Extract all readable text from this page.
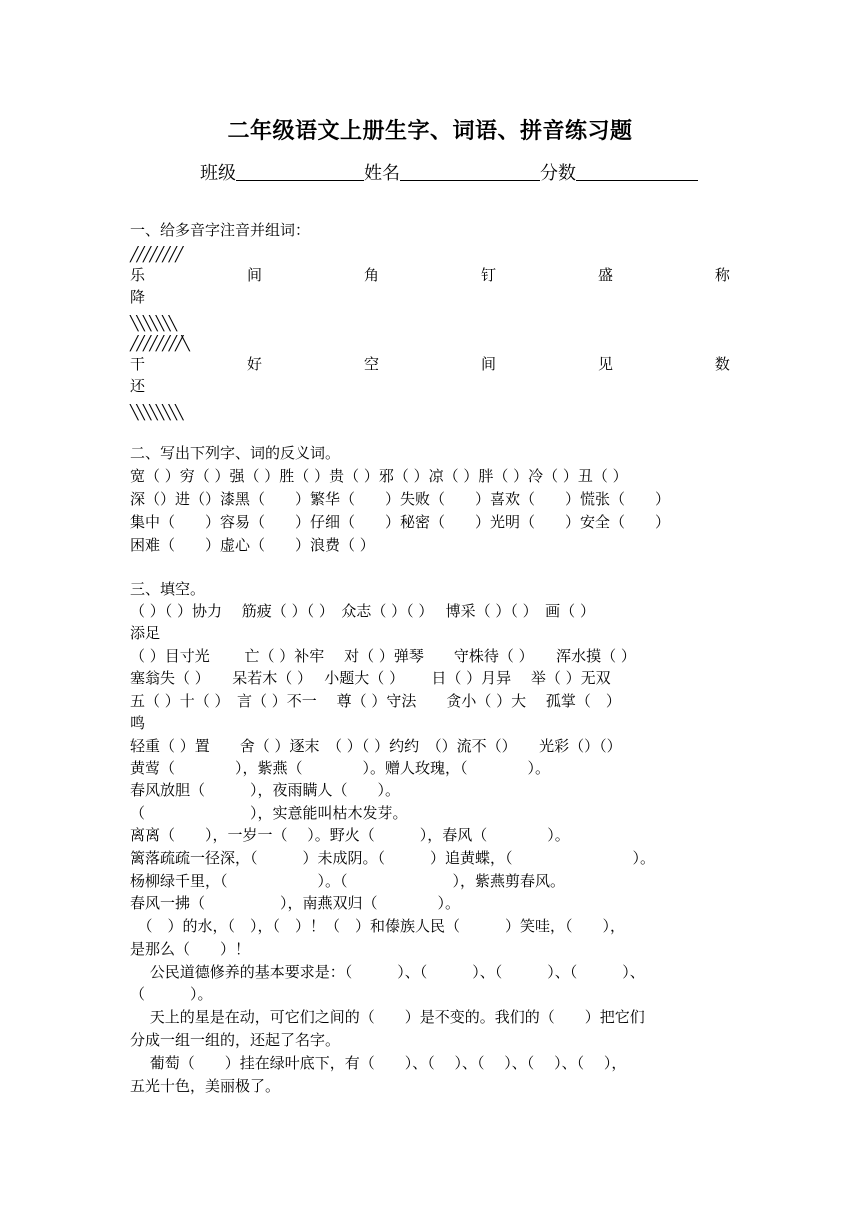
二年级语文上册生字、词语、拼音练习题
班级	姓名	分数
一、给多音字注音并组词：
╱╱╱╱╱╱╱╱
乐	间	角	钉	盛	称
降
╲╲╲╲╲╲╲
╱╱╱╱╱╱╱╱╲
干	好	空	间	见	数
还
╲╲╲╲╲╲╲╲
二、写出下列字、词的反义词。
宽（ ）穷（ ）强（ ）胜（ ）贵（ ）邪（ ）凉（ ）胖（ ）冷（ ）丑（ ）
深（）进（）漆黑（　　）繁华（　　）失败（　　）喜欢（　　）慌张（　　）
集中（　　）容易（　　）仔细（　　）秘密（　　）光明（　　）安全（　　）
困难（　　）虚心（　　）浪费（ ）
三、填空。
（ ）（ ）协力　 筋疲（ ）（ ）　众志（ ）（ ）　 博采（ ）（ ）　画（ ）
添足
（ ）目寸光　　 亡（ ）补牢　 对（ ）弹琴　　守株待（ ）　　浑水摸（ ）
塞翁失（ ）　　呆若木（ ）　 小题大（ ）　　 日（ ）月异　 举（ ）无双
五（ ）十（ ）　言（ ）不一　 尊（ ）守法　　贪小（ ）大　 孤掌（　）
鸣
轻重（ ）置　　舍（ ）逐末　（ ）（ ）约约　（）流不（）　　光彩（）（）
黄莺（　　　　），紫燕（　　　　）。赠人玫瑰，（　　　　）。
春风放胆（　　　），夜雨瞒人（　　）。
（　　　　　　　），实意能叫枯木发芽。
离离（　　），一岁一（　 ）。野火（　　　），春风（　　　　）。
篱落疏疏一径深，（　　　）未成阴。（　　　）追黄蝶，（　　　　　　　　）。
杨柳绿千里，（　　　　　　）。（　　　　　　　），紫燕剪春风。
春风一拂（　　　　　），南燕双归（　　　　）。
　（　）的水，（　），（　）！（　）和傣族人民（　　　）笑哇，（　　），
是那么（　　）！
　 公民道德修养的基本要求是：（　　　）、（　　　）、（　　　）、（　　　）、
（　　　）。
　 天上的星是在动，可它们之间的（　　）是不变的。我们的（　　）把它们
分成一组一组的，还起了名字。
　 葡萄（　　）挂在绿叶底下，有（　　）、（　 ）、（　 ）、（　 ）、（　 ），
五光十色，美丽极了。
